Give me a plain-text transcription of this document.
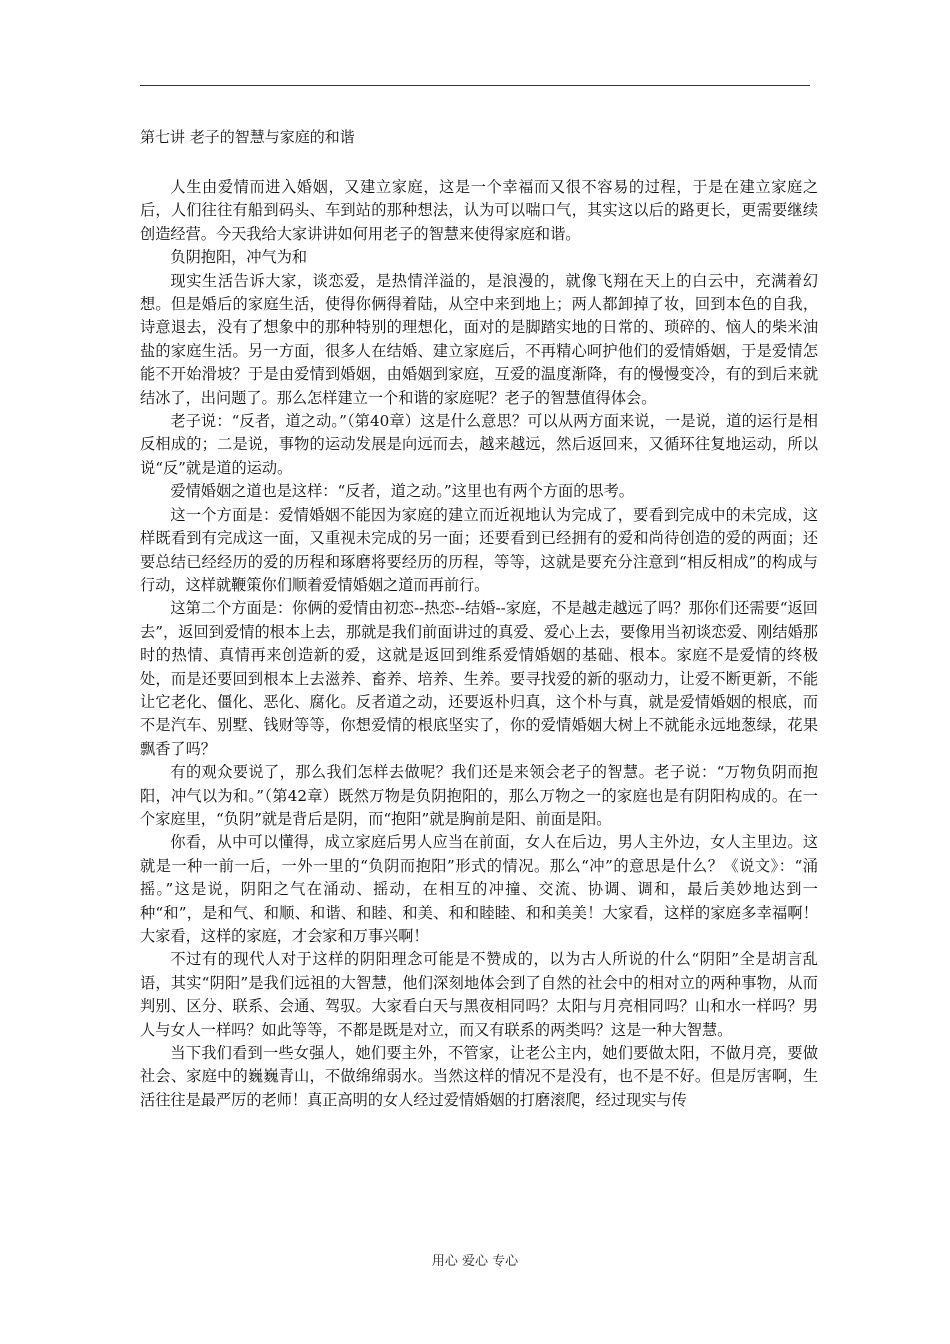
第七讲 老子的智慧与家庭的和谐

人生由爱情而进入婚姻，又建立家庭，这是一个幸福而又很不容易的过程，于是在建立家庭之后，人们往往有船到码头、车到站的那种想法，认为可以喘口气，其实这以后的路更长，更需要继续创造经营。今天我给大家讲讲如何用老子的智慧来使得家庭和谐。

负阴抱阳，冲气为和

现实生活告诉大家，谈恋爱，是热情洋溢的，是浪漫的，就像飞翔在天上的白云中，充满着幻想。但是婚后的家庭生活，使得你俩得着陆，从空中来到地上；两人都卸掉了妆，回到本色的自我，诗意退去，没有了想象中的那种特别的理想化，面对的是脚踏实地的日常的、琐碎的、恼人的柴米油盐的家庭生活。另一方面，很多人在结婚、建立家庭后，不再精心呵护他们的爱情婚姻，于是爱情怎能不开始滑坡？于是由爱情到婚姻，由婚姻到家庭，互爱的温度渐降，有的慢慢变冷，有的到后来就结冰了，出问题了。那么怎样建立一个和谐的家庭呢？老子的智慧值得体会。

老子说：“反者，道之动。”（第40章）这是什么意思？可以从两方面来说，一是说，道的运行是相反相成的；二是说，事物的运动发展是向远而去，越来越远，然后返回来，又循环往复地运动，所以说“反”就是道的运动。

爱情婚姻之道也是这样：“反者，道之动。”这里也有两个方面的思考。

这一个方面是：爱情婚姻不能因为家庭的建立而近视地认为完成了，要看到完成中的未完成，这样既看到有完成这一面，又重视未完成的另一面；还要看到已经拥有的爱和尚待创造的爱的两面；还要总结已经经历的爱的历程和琢磨将要经历的历程，等等，这就是要充分注意到“相反相成”的构成与行动，这样就鞭策你们顺着爱情婚姻之道而再前行。

这第二个方面是：你俩的爱情由初恋--热恋--结婚--家庭，不是越走越远了吗？那你们还需要“返回去”，返回到爱情的根本上去，那就是我们前面讲过的真爱、爱心上去，要像用当初谈恋爱、刚结婚那时的热情、真情再来创造新的爱，这就是返回到维系爱情婚姻的基础、根本。家庭不是爱情的终极处，而是还要回到根本上去滋养、畜养、培养、生养。要寻找爱的新的驱动力，让爱不断更新，不能让它老化、僵化、恶化、腐化。反者道之动，还要返朴归真，这个朴与真，就是爱情婚姻的根底，而不是汽车、别墅、钱财等等，你想爱情的根底坚实了，你的爱情婚姻大树上不就能永远地葱绿，花果飘香了吗？

有的观众要说了，那么我们怎样去做呢？我们还是来领会老子的智慧。老子说：“万物负阴而抱阳，冲气以为和。”（第42章）既然万物是负阴抱阳的，那么万物之一的家庭也是有阴阳构成的。在一个家庭里，“负阴”就是背后是阴，而“抱阳”就是胸前是阳、前面是阳。

你看，从中可以懂得，成立家庭后男人应当在前面，女人在后边，男人主外边，女人主里边。这就是一种一前一后，一外一里的“负阴而抱阳”形式的情况。那么“冲”的意思是什么？《说文》：“涌摇。”这是说，阴阳之气在涌动、摇动，在相互的冲撞、交流、协调、调和，最后美妙地达到一种“和”，是和气、和顺、和谐、和睦、和美、和和睦睦、和和美美！大家看，这样的家庭多幸福啊！大家看，这样的家庭，才会家和万事兴啊！

不过有的现代人对于这样的阴阳理念可能是不赞成的，以为古人所说的什么“阴阳”全是胡言乱语，其实“阴阳”是我们远祖的大智慧，他们深刻地体会到了自然的社会中的相对立的两种事物，从而判别、区分、联系、会通、驾驭。大家看白天与黑夜相同吗？太阳与月亮相同吗？山和水一样吗？男人与女人一样吗？如此等等，不都是既是对立，而又有联系的两类吗？这是一种大智慧。

当下我们看到一些女强人，她们要主外，不管家，让老公主内，她们要做太阳，不做月亮，要做社会、家庭中的巍巍青山，不做绵绵弱水。当然这样的情况不是没有，也不是不好。但是厉害啊，生活往往是最严厉的老师！真正高明的女人经过爱情婚姻的打磨滚爬，经过现实与传

用心 爱心 专心
